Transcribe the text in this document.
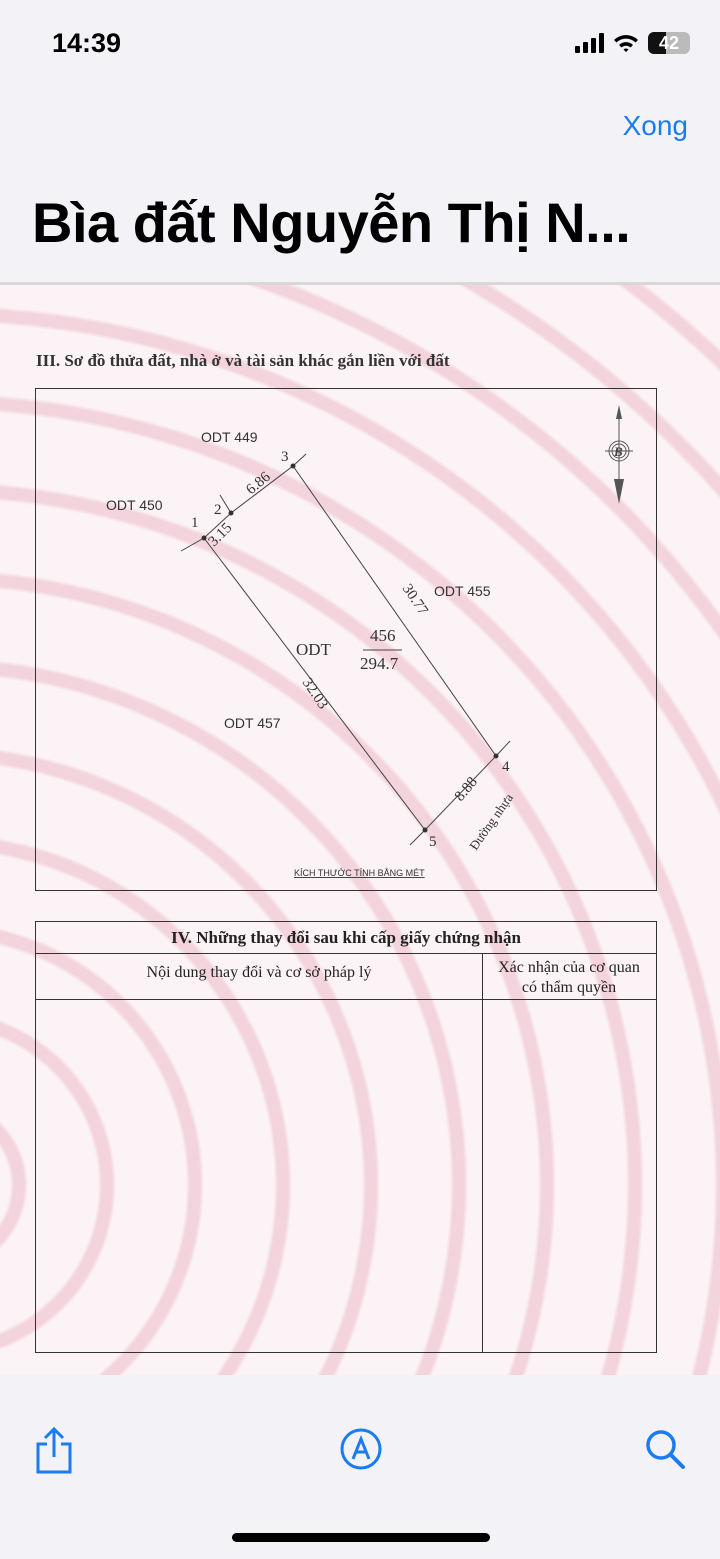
14:39	42
Xong
Bìa đất Nguyễn Thị N...
III. Sơ đồ thửa đất, nhà ở và tài sản khác gắn liền với đất
ODT 449
ODT 450
ODT 455
ODT 457
1
2
3
4
5
3.15
6.86
30.77
8.88
32.03
ODT
456
294.7
Đường nhựa
B
KÍCH THƯỚC TÍNH BẰNG MÉT
IV. Những thay đổi sau khi cấp giấy chứng nhận
Nội dung thay đổi và cơ sở pháp lý	Xác nhận của cơ quan
có thẩm quyền
